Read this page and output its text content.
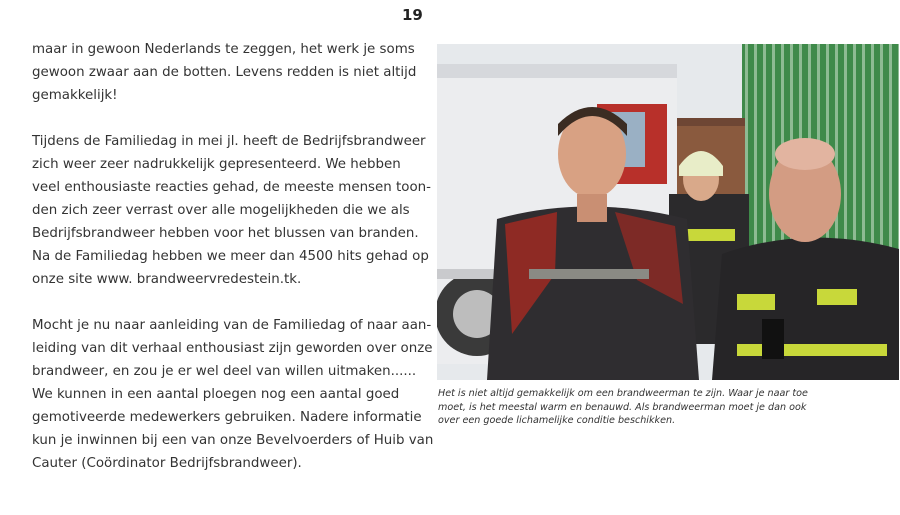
19

maar in gewoon Nederlands te zeggen, het werk je soms
gewoon zwaar aan de botten. Levens redden is niet altijd
gemakkelijk!

Tijdens de Familiedag in mei jl. heeft de Bedrijfsbrandweer
zich weer zeer nadrukkelijk gepresenteerd. We hebben
veel enthousiaste reacties gehad, de meeste mensen toon-
den zich zeer verrast over alle mogelijkheden die we als
Bedrijfsbrandweer hebben voor het blussen van branden.
Na de Familiedag hebben we meer dan 4500 hits gehad op
onze site www. brandweervredestein.tk.

Mocht je nu naar aanleiding van de Familiedag of naar aan-
leiding van dit verhaal enthousiast zijn geworden over onze
brandweer, en zou je er wel deel van willen uitmaken......
We kunnen in een aantal ploegen nog een aantal goed
gemotiveerde medewerkers gebruiken. Nadere informatie
kun je inwinnen bij een van onze Bevelvoerders of Huib van
Cauter (Coördinator Bedrijfsbrandweer).

Het is niet altijd gemakkelijk om een brandweerman te zijn. Waar je naar toe
moet, is het meestal warm en benauwd. Als brandweerman moet je dan ook
over een goede lichamelijke conditie beschikken.
